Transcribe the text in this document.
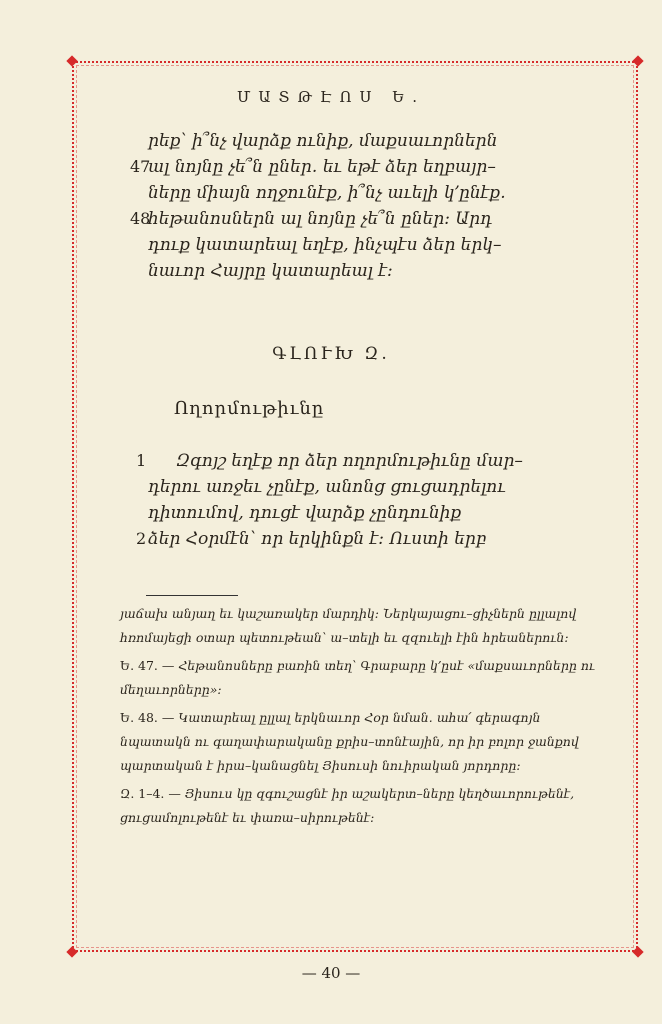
ՄԱՏԹԷՈՍ Ե.
րեք՝ ի՞նչ վարձք ունիք, մաքսաւորներն
47
ալ նոյնը չե՞ն ըներ․ եւ եթէ ձեր եղբայր–
ները միայն ողջունէք, ի՞նչ աւելի կ՚ընէք․
48
հեթանոսներն ալ նոյնը չե՞ն ըներ։ Արդ
դուք կատարեալ եղէք, ինչպէս ձեր երկ–
նաւոր Հայրը կատարեալ է։
ԳԼՈՒԽ Զ.
Ողորմութիւնը
1 Զգոյշ եղէք որ ձեր ողորմութիւնը մար–
դերու առջեւ չընէք, անոնց ցուցադրելու
դիտումով, դուցէ վարձք չընդունիք
2 ձեր Հօրմէն՝ որ երկինքն է։ Ուստի երբ

յաճախ անյաղ եւ կաշառակեր մարդիկ։ Ներկայացու–ցիչներն ըլլալով հռոմայեցի օտար պետութեան՝ ա–տելի եւ զզուելի էին հրեաներուն։

Ե. 47. — Հեթանոսները բառին տեղ՝ Գրաբարը կ՚ըսէ «մաքսաւորները ու մեղաւորները»։

Ե. 48. — Կատարեալ ըլլալ երկնաւոր Հօր նման․ ահա՛ գերագոյն նպատակն ու գաղափարականը քրիս–տոնէային, որ իր բոլոր ջանքով պարտական է իրա–կանացնել Յիսուսի նուիրական յորդորը։

Զ. 1–4. — Յիսուս կը զգուշացնէ իր աշակերտ–ները կեղծաւորութենէ, ցուցամոլութենէ եւ փառա–սիրութենէ։

— 40 —
